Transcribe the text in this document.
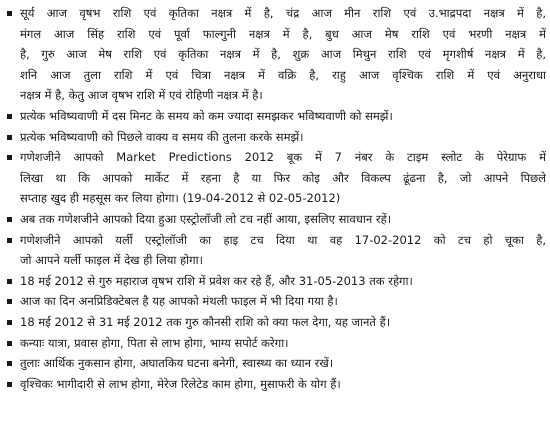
सूर्य आज वृषभ राशि एवं कृतिका नक्षत्र में है, चंद्र आज मीन राशि एवं उ.भाद्रपदा नक्षत्र में है,
मंगल आज सिंह राशि एवं पूर्वा फाल्गुनी नक्षत्र में है, बुध आज मेष राशि एवं भरणी नक्षत्र में
है, गुरु आज मेष राशि एवं कृतिका नक्षत्र में है, शुक्र आज मिथुन राशि एवं मृगशीर्ष नक्षत्र में है,
शनि आज तुला राशि में एवं चित्रा नक्षत्र में वक्रि है, राहु आज वृश्चिक राशि में एवं अनुराधा
नक्षत्र में है, केतु आज वृषभ राशि में एवं रोहिणी नक्षत्र में है।
प्रत्येक भविष्यवाणी में दस मिनट के समय को कम ज्यादा समझकर भविष्यवाणी को समझें।
प्रत्येक भविष्यवाणी को पिछले वाक्य व समय की तुलना करके समझें।
गणेशजीने आपको Market Predictions 2012 बूक में 7 नंबर के टाइम स्लोट के पेरेग्राफ में
लिखा था कि आपको मार्केट में रहना है या फिर कोइ और विकल्प ढूंढना है, जो आपने पिछले
सप्ताह खुद ही महसूस कर लिया होगा। (19-04-2012 से 02-05-2012)
अब तक गणेशजीने आपको दिया हुआ एस्ट्रोलॉजी लो टच नहीं आया, इसलिए सावधान रहें।
गणेशजीने आपको यर्ली एस्ट्रोलॉजी का हाइ टच दिया था वह 17-02-2012 को टच हो चूका है,
जो आपने यर्ली फाइल में देख ही लिया होगा।
18 मई 2012 से गुरु महाराज वृषभ राशि में प्रवेश कर रहे हैं, और 31-05-2013 तक रहेगा।
आज का दिन अनप्रिडिक्टेबल है यह आपको मंथली फाइल में भी दिया गया है।
18 मई 2012 से 31 मई 2012 तक गुरु कौनसी राशि को क्या फल देगा, यह जानते हैं।
कन्याः यात्रा, प्रवास होगा, पिता से लाभ होगा, भाग्य सपोर्ट करेगा।
तुलाः आर्थिक नुकसान होगा, अघातकिय घटना बनेगी, स्वास्थ्य का ध्यान रखें।
वृश्चिकः भागीदारी से लाभ होगा, मेरेज रिलेटेड काम होगा, मुसाफरी के योग हैं।
